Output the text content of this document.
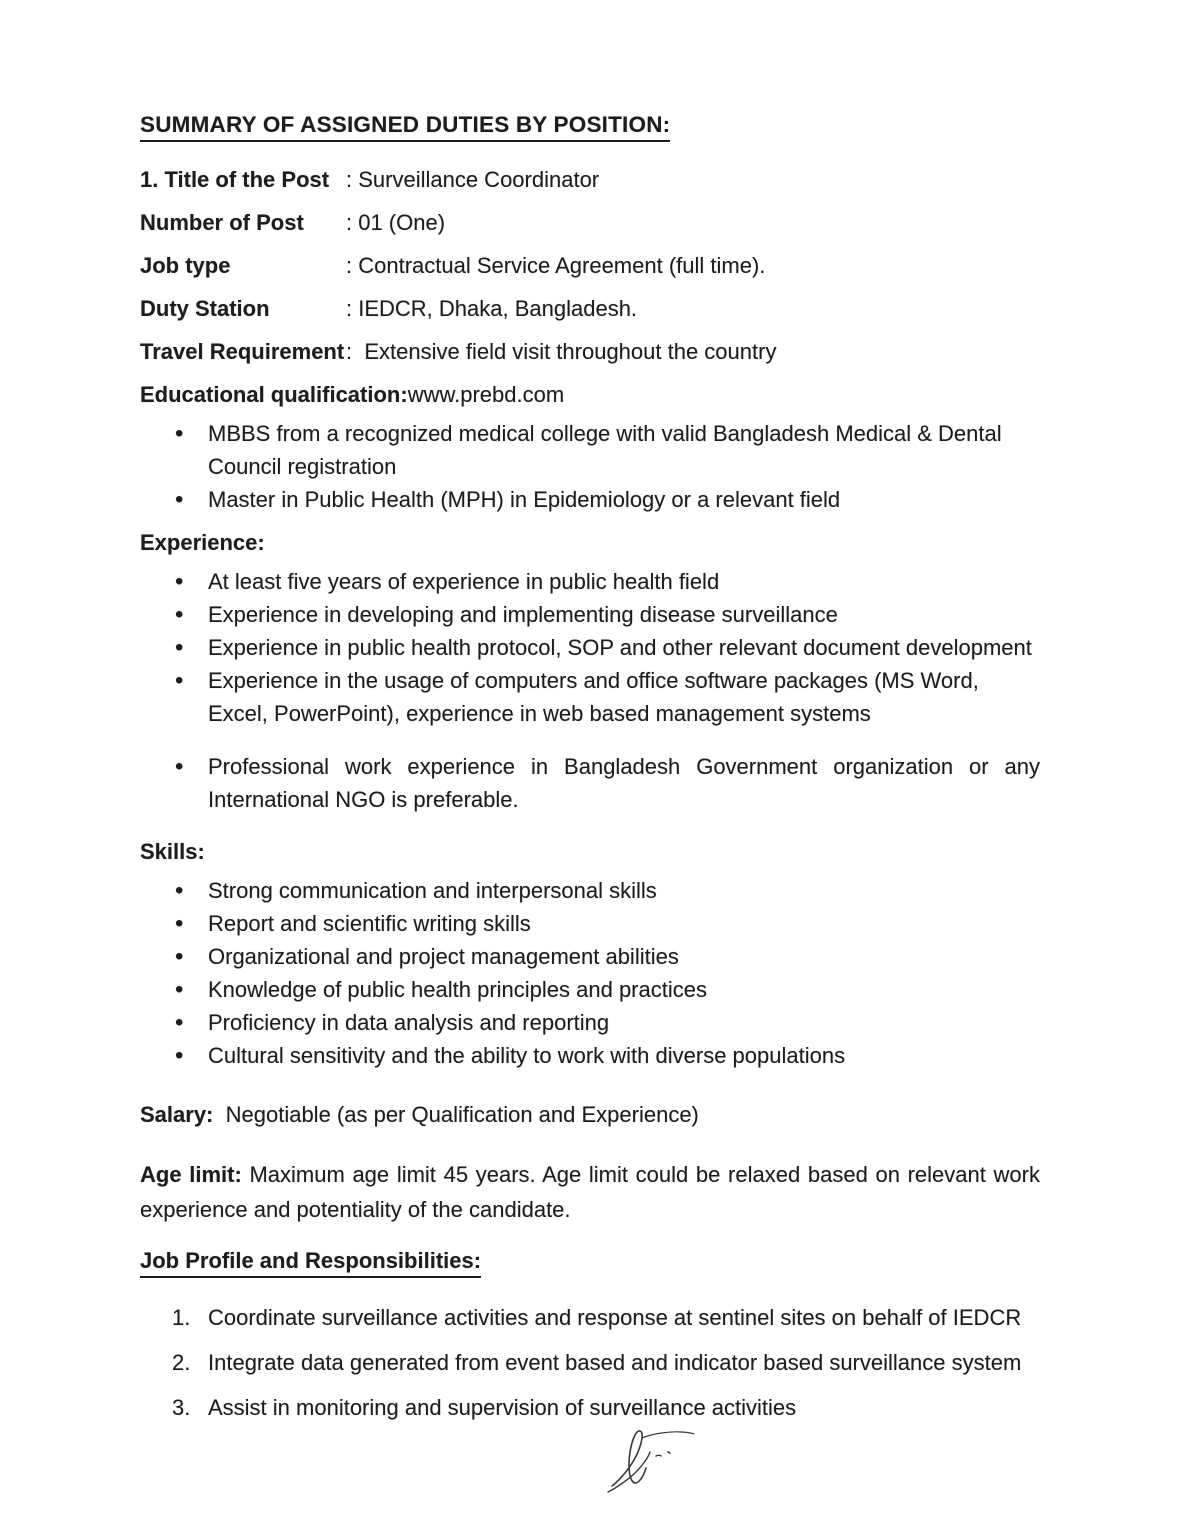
SUMMARY OF ASSIGNED DUTIES BY POSITION:
1. Title of the Post : Surveillance Coordinator
Number of Post	: 01 (One)
Job type	: Contractual Service Agreement (full time).
Duty Station	: IEDCR, Dhaka, Bangladesh.
Travel Requirement :  Extensive field visit throughout the country
Educational qualification:www.prebd.com
• MBBS from a recognized medical college with valid Bangladesh Medical & Dental Council registration
• Master in Public Health (MPH) in Epidemiology or a relevant field
Experience:
• At least five years of experience in public health field
• Experience in developing and implementing disease surveillance
• Experience in public health protocol, SOP and other relevant document development
• Experience in the usage of computers and office software packages (MS Word, Excel, PowerPoint), experience in web based management systems
• Professional work experience in Bangladesh Government organization or any International NGO is preferable.
Skills:
• Strong communication and interpersonal skills
• Report and scientific writing skills
• Organizational and project management abilities
• Knowledge of public health principles and practices
• Proficiency in data analysis and reporting
• Cultural sensitivity and the ability to work with diverse populations
Salary:  Negotiable (as per Qualification and Experience)
Age limit: Maximum age limit 45 years. Age limit could be relaxed based on relevant work experience and potentiality of the candidate.
Job Profile and Responsibilities:
1. Coordinate surveillance activities and response at sentinel sites on behalf of IEDCR
2. Integrate data generated from event based and indicator based surveillance system
3. Assist in monitoring and supervision of surveillance activities
